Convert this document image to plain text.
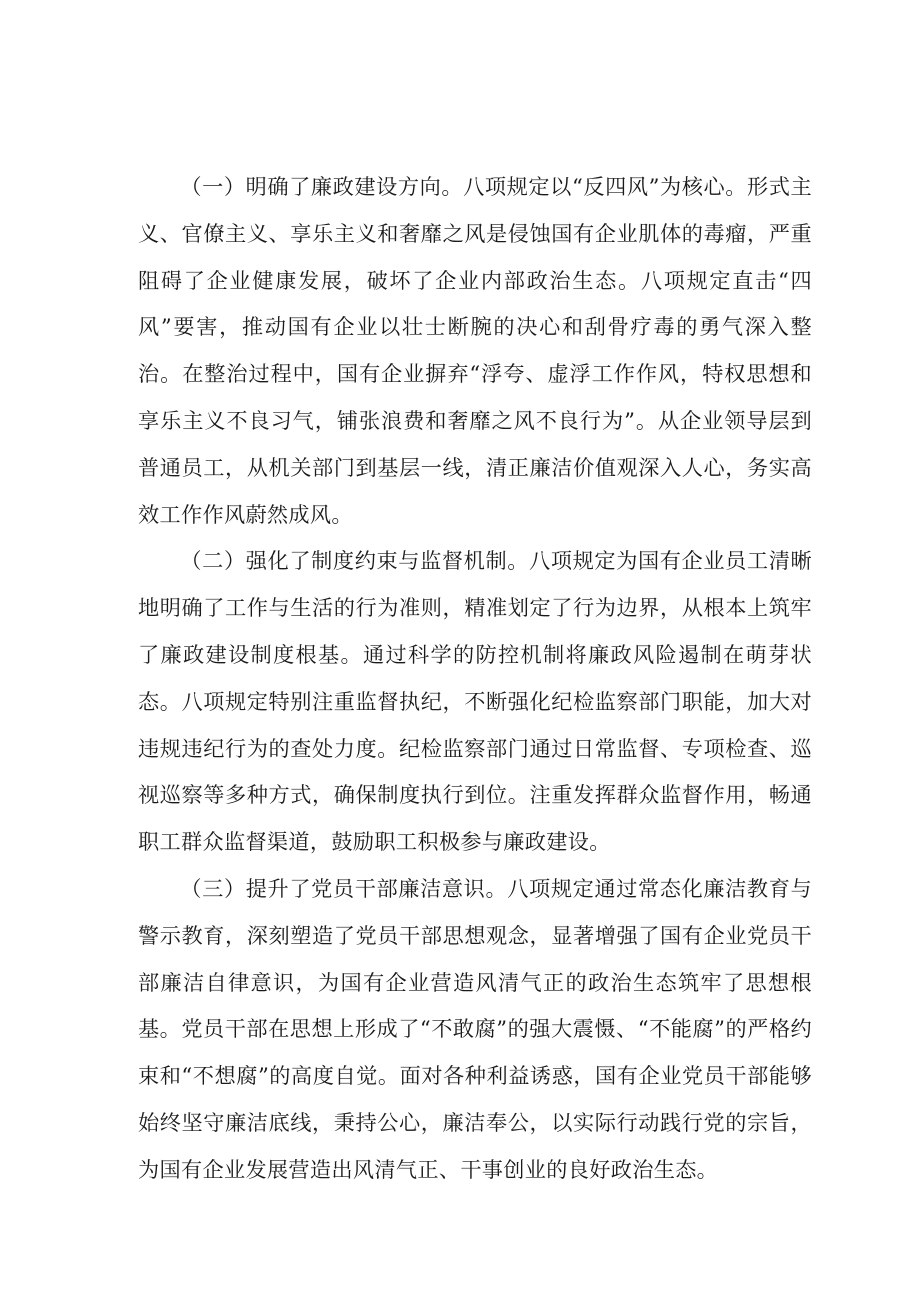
（一）明确了廉政建设方向。八项规定以“反四风”为核心。形式主义、官僚主义、享乐主义和奢靡之风是侵蚀国有企业肌体的毒瘤，严重阻碍了企业健康发展，破坏了企业内部政治生态。八项规定直击“四风”要害，推动国有企业以壮士断腕的决心和刮骨疗毒的勇气深入整治。在整治过程中，国有企业摒弃“浮夸、虚浮工作作风，特权思想和享乐主义不良习气，铺张浪费和奢靡之风不良行为”。从企业领导层到普通员工，从机关部门到基层一线，清正廉洁价值观深入人心，务实高效工作作风蔚然成风。

（二）强化了制度约束与监督机制。八项规定为国有企业员工清晰地明确了工作与生活的行为准则，精准划定了行为边界，从根本上筑牢了廉政建设制度根基。通过科学的防控机制将廉政风险遏制在萌芽状态。八项规定特别注重监督执纪，不断强化纪检监察部门职能，加大对违规违纪行为的查处力度。纪检监察部门通过日常监督、专项检查、巡视巡察等多种方式，确保制度执行到位。注重发挥群众监督作用，畅通职工群众监督渠道，鼓励职工积极参与廉政建设。

（三）提升了党员干部廉洁意识。八项规定通过常态化廉洁教育与警示教育，深刻塑造了党员干部思想观念，显著增强了国有企业党员干部廉洁自律意识，为国有企业营造风清气正的政治生态筑牢了思想根基。党员干部在思想上形成了“不敢腐”的强大震慑、“不能腐”的严格约束和“不想腐”的高度自觉。面对各种利益诱惑，国有企业党员干部能够始终坚守廉洁底线，秉持公心，廉洁奉公，以实际行动践行党的宗旨，为国有企业发展营造出风清气正、干事创业的良好政治生态。
